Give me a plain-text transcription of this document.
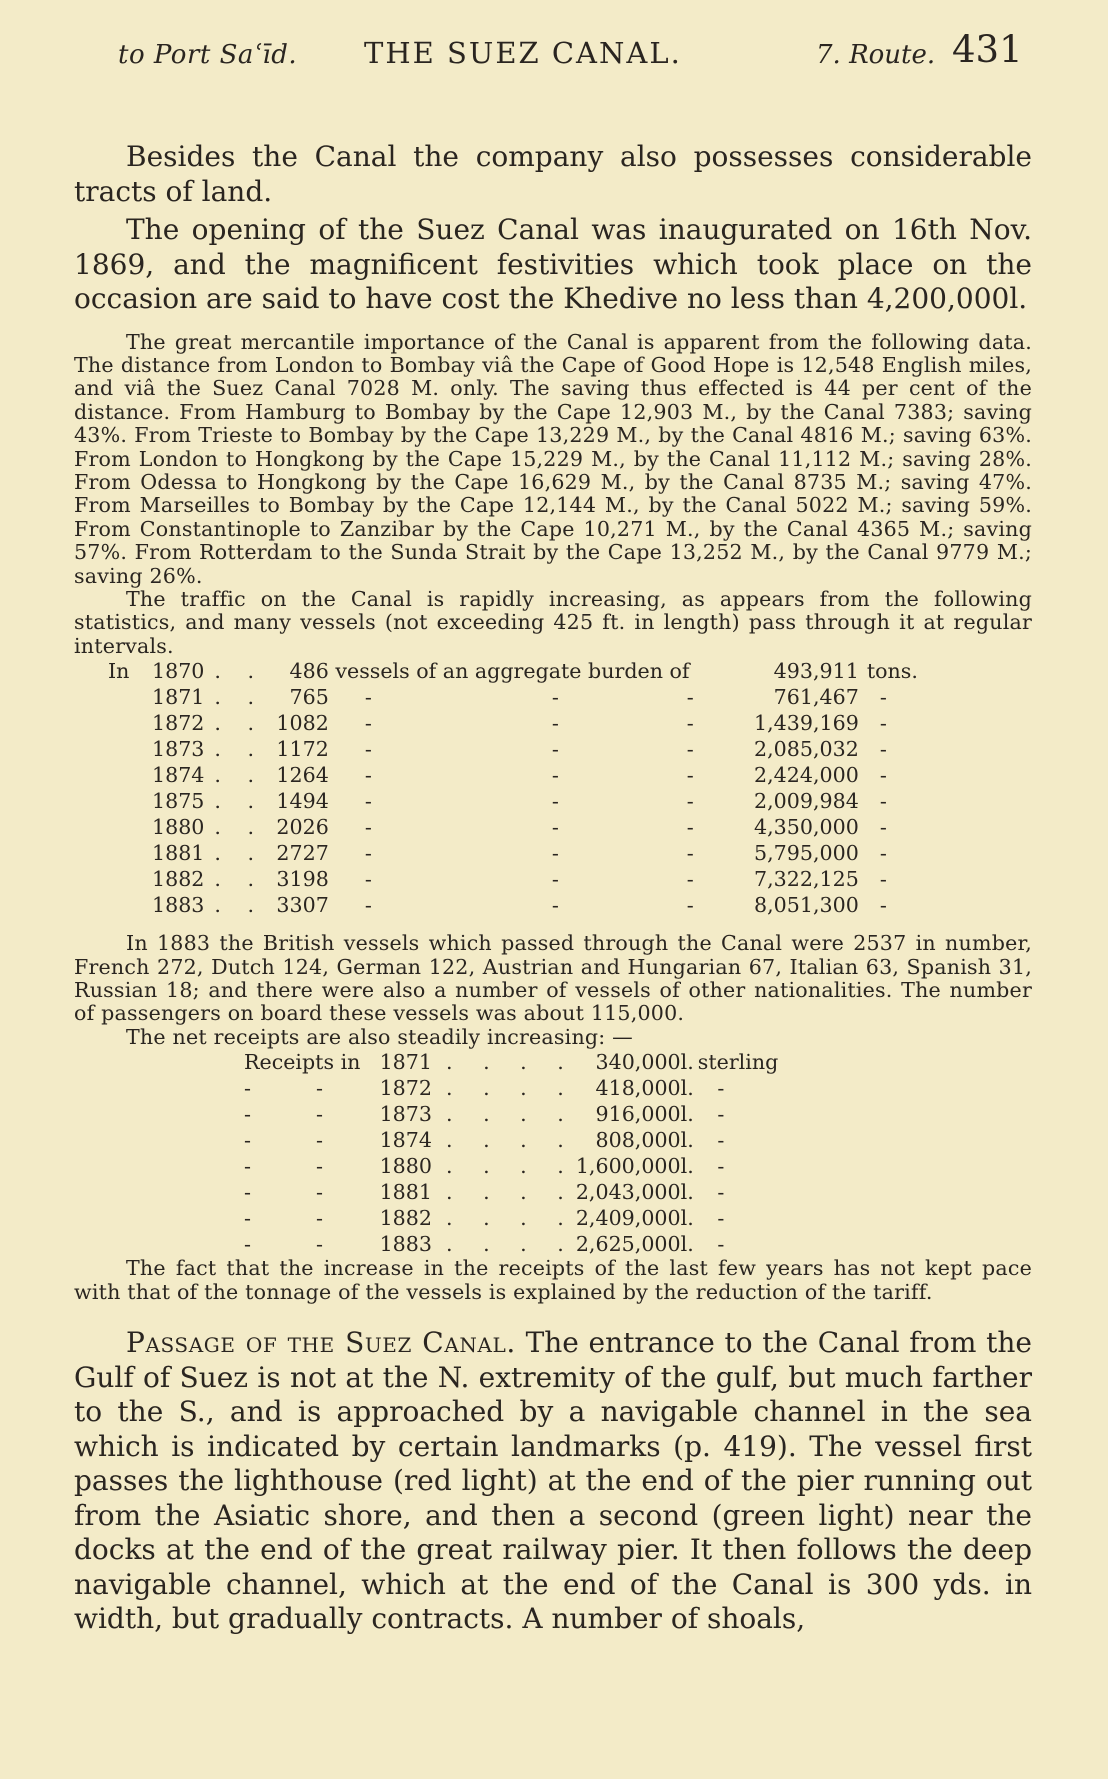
to Port Saʿīd. THE SUEZ CANAL.	7. Route. 431

Besides the Canal the company also possesses considerable tracts of land.

The opening of the Suez Canal was inaugurated on 16th Nov. 1869, and the magnificent festivities which took place on the occasion are said to have cost the Khedive no less than 4,200,000l.

The great mercantile importance of the Canal is apparent from the following data. The distance from London to Bombay viâ the Cape of Good Hope is 12,548 English miles, and viâ the Suez Canal 7028 M. only. The saving thus effected is 44 per cent of the distance. From Hamburg to Bombay by the Cape 12,903 M., by the Canal 7383; saving 43%. From Trieste to Bombay by the Cape 13,229 M., by the Canal 4816 M.; saving 63%. From London to Hongkong by the Cape 15,229 M., by the Canal 11,112 M.; saving 28%. From Odessa to Hongkong by the Cape 16,629 M., by the Canal 8735 M.; saving 47%. From Marseilles to Bombay by the Cape 12,144 M., by the Canal 5022 M.; saving 59%. From Constantinople to Zanzibar by the Cape 10,271 M., by the Canal 4365 M.; saving 57%. From Rotterdam to the Sunda Strait by the Cape 13,252 M., by the Canal 9779 M.; saving 26%.

The traffic on the Canal is rapidly increasing, as appears from the following statistics, and many vessels (not exceeding 425 ft. in length) pass through it at regular intervals.

In	1870	. .	486	vessels of an aggregate burden of	493,911	tons.
	1871	. .	765	- - -	761,467	-
	1872	. .	1082	- - -	1,439,169	-
	1873	. .	1172	- - -	2,085,032	-
	1874	. .	1264	- - -	2,424,000	-
	1875	. .	1494	- - -	2,009,984	-
	1880	. .	2026	- - -	4,350,000	-
	1881	. .	2727	- - -	5,795,000	-
	1882	. .	3198	- - -	7,322,125	-
	1883	. .	3307	- - -	8,051,300	-

In 1883 the British vessels which passed through the Canal were 2537 in number, French 272, Dutch 124, German 122, Austrian and Hungarian 67, Italian 63, Spanish 31, Russian 18; and there were also a number of vessels of other nationalities. The number of passengers on board these vessels was about 115,000.

The net receipts are also steadily increasing: —

Receipts in	1871	. . . .	340,000l.	sterling
- -	1872	. . . .	418,000l.	-
- -	1873	. . . .	916,000l.	-
- -	1874	. . . .	808,000l.	-
- -	1880	. . . .	1,600,000l.	-
- -	1881	. . . .	2,043,000l.	-
- -	1882	. . . .	2,409,000l.	-
- -	1883	. . . .	2,625,000l.	-

The fact that the increase in the receipts of the last few years has not kept pace with that of the tonnage of the vessels is explained by the reduction of the tariff.

Passage of the Suez Canal. The entrance to the Canal from the Gulf of Suez is not at the N. extremity of the gulf, but much farther to the S., and is approached by a navigable channel in the sea which is indicated by certain landmarks (p. 419). The vessel first passes the lighthouse (red light) at the end of the pier running out from the Asiatic shore, and then a second (green light) near the docks at the end of the great railway pier. It then follows the deep navigable channel, which at the end of the Canal is 300 yds. in width, but gradually contracts. A number of shoals,
